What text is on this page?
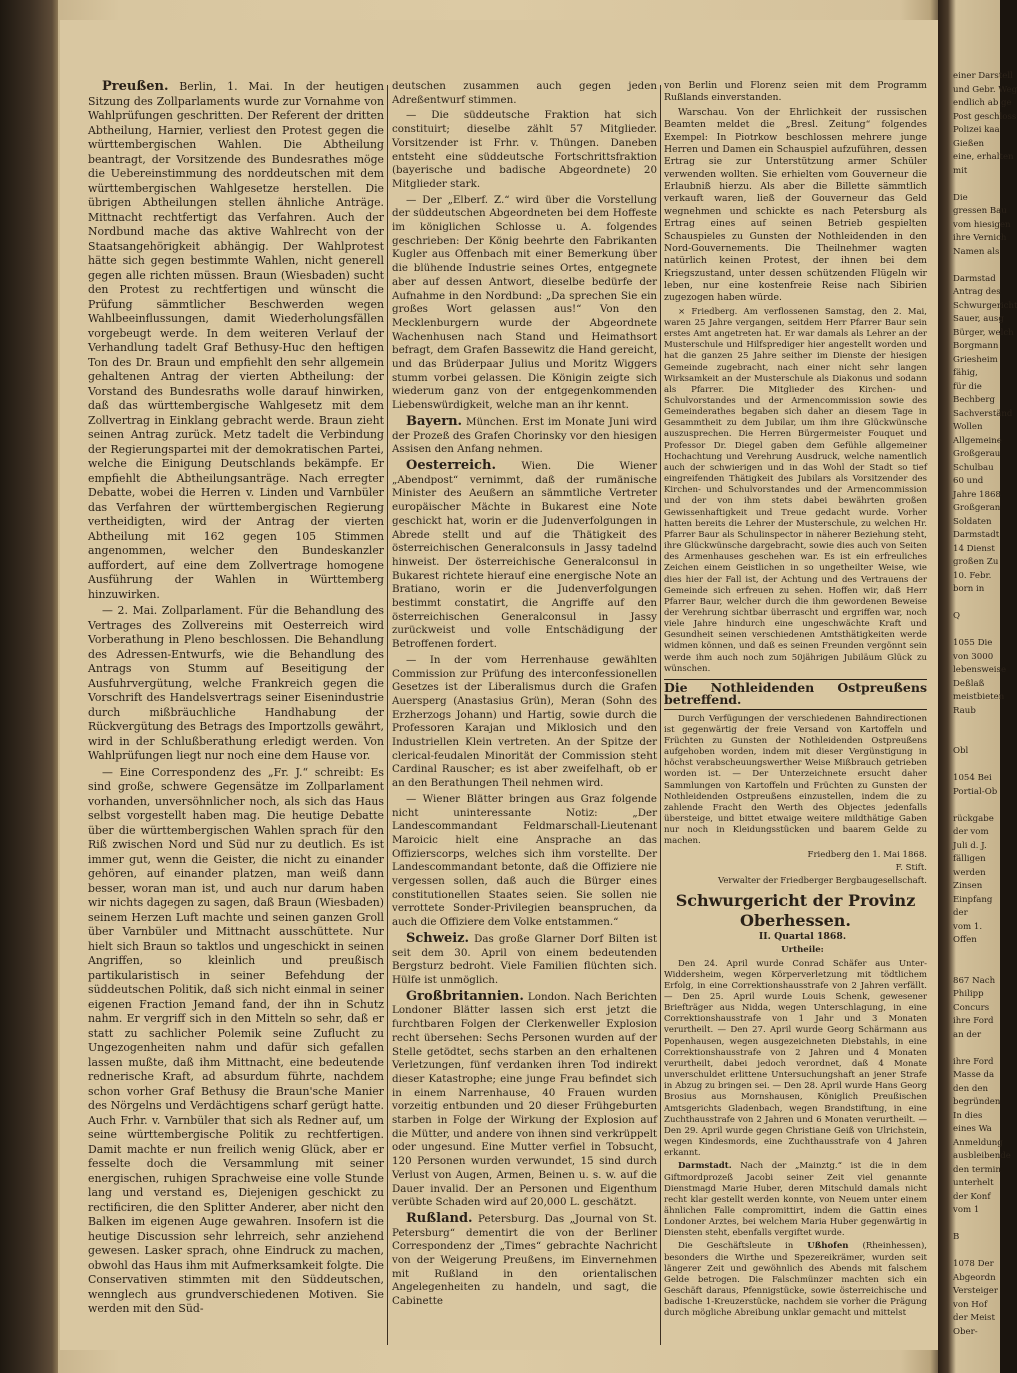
Preußen. Berlin, 1. Mai. In der heutigen Sitzung des Zollparlaments wurde zur Vornahme von Wahlprüfungen geschritten. Der Referent der dritten Abtheilung, Harnier, verliest den Protest gegen die württembergischen Wahlen. Die Abtheilung beantragt, der Vorsitzende des Bundesrathes möge die Uebereinstimmung des norddeutschen mit dem württembergischen Wahlgesetze herstellen. Die übrigen Abtheilungen stellen ähnliche Anträge. Mittnacht rechtfertigt das Verfahren. Auch der Nordbund mache das aktive Wahlrecht von der Staatsangehörigkeit abhängig. Der Wahlprotest hätte sich gegen bestimmte Wahlen, nicht generell gegen alle richten müssen. Braun (Wiesbaden) sucht den Protest zu rechtfertigen und wünscht die Prüfung sämmtlicher Beschwerden wegen Wahlbeeinflussungen, damit Wiederholungsfällen vorgebeugt werde. In dem weiteren Verlauf der Verhandlung tadelt Graf Bethusy-Huc den heftigen Ton des Dr. Braun und empfiehlt den sehr allgemein gehaltenen Antrag der vierten Abtheilung: der Vorstand des Bundesraths wolle darauf hinwirken, daß das württembergische Wahlgesetz mit dem Zollvertrag in Einklang gebracht werde. Braun zieht seinen Antrag zurück. Metz tadelt die Verbindung der Regierungspartei mit der demokratischen Partei, welche die Einigung Deutschlands bekämpfe. Er empfiehlt die Abtheilungsanträge. Nach erregter Debatte, wobei die Herren v. Linden und Varnbüler das Verfahren der württembergischen Regierung vertheidigten, wird der Antrag der vierten Abtheilung mit 162 gegen 105 Stimmen angenommen, welcher den Bundeskanzler auffordert, auf eine dem Zollvertrage homogene Ausführung der Wahlen in Württemberg hinzuwirken.

— 2. Mai. Zollparlament. Für die Behandlung des Vertrages des Zollvereins mit Oesterreich wird Vorberathung in Pleno beschlossen. Die Behandlung des Adressen-Entwurfs, wie die Behandlung des Antrags von Stumm auf Beseitigung der Ausfuhrvergütung, welche Frankreich gegen die Vorschrift des Handelsvertrags seiner Eisenindustrie durch mißbräuchliche Handhabung der Rückvergütung des Betrags des Importzolls gewährt, wird in der Schlußberathung erledigt werden. Von Wahlprüfungen liegt nur noch eine dem Hause vor.

— Eine Correspondenz des „Fr. J.“ schreibt: Es sind große, schwere Gegensätze im Zollparlament vorhanden, unversöhnlicher noch, als sich das Haus selbst vorgestellt haben mag. Die heutige Debatte über die württembergischen Wahlen sprach für den Riß zwischen Nord und Süd nur zu deutlich. Es ist immer gut, wenn die Geister, die nicht zu einander gehören, auf einander platzen, man weiß dann besser, woran man ist, und auch nur darum haben wir nichts dagegen zu sagen, daß Braun (Wiesbaden) seinem Herzen Luft machte und seinen ganzen Groll über Varnbüler und Mittnacht ausschüttete. Nur hielt sich Braun so taktlos und ungeschickt in seinen Angriffen, so kleinlich und preußisch partikularistisch in seiner Befehdung der süddeutschen Politik, daß sich nicht einmal in seiner eigenen Fraction Jemand fand, der ihn in Schutz nahm. Er vergriff sich in den Mitteln so sehr, daß er statt zu sachlicher Polemik seine Zuflucht zu Ungezogenheiten nahm und dafür sich gefallen lassen mußte, daß ihm Mittnacht, eine bedeutende rednerische Kraft, ad absurdum führte, nachdem schon vorher Graf Bethusy die Braun'sche Manier des Nörgelns und Verdächtigens scharf gerügt hatte. Auch Frhr. v. Varnbüler that sich als Redner auf, um seine württembergische Politik zu rechtfertigen. Damit machte er nun freilich wenig Glück, aber er fesselte doch die Versammlung mit seiner energischen, ruhigen Sprachweise eine volle Stunde lang und verstand es, Diejenigen geschickt zu rectificiren, die den Splitter Anderer, aber nicht den Balken im eigenen Auge gewahren. Insofern ist die heutige Discussion sehr lehrreich, sehr anziehend gewesen. Lasker sprach, ohne Eindruck zu machen, obwohl das Haus ihm mit Aufmerksamkeit folgte. Die Conservativen stimmten mit den Süddeutschen, wennglech aus grundverschiedenen Motiven. Sie werden mit den Süd-

deutschen zusammen auch gegen jeden Adreßentwurf stimmen.

— Die süddeutsche Fraktion hat sich constituirt; dieselbe zählt 57 Mitglieder. Vorsitzender ist Frhr. v. Thüngen. Daneben entsteht eine süddeutsche Fortschrittsfraktion (bayerische und badische Abgeordnete) 20 Mitglieder stark.

— Der „Elberf. Z.“ wird über die Vorstellung der süddeutschen Abgeordneten bei dem Hoffeste im königlichen Schlosse u. A. folgendes geschrieben: Der König beehrte den Fabrikanten Kugler aus Offenbach mit einer Bemerkung über die blühende Industrie seines Ortes, entgegnete aber auf dessen Antwort, dieselbe bedürfe der Aufnahme in den Nordbund: „Da sprechen Sie ein großes Wort gelassen aus!“ Von den Mecklenburgern wurde der Abgeordnete Wachenhusen nach Stand und Heimathsort befragt, dem Grafen Bassewitz die Hand gereicht, und das Brüderpaar Julius und Moritz Wiggers stumm vorbei gelassen. Die Königin zeigte sich wiederum ganz von der entgegenkommenden Liebenswürdigkeit, welche man an ihr kennt.

Bayern. München. Erst im Monate Juni wird der Prozeß des Grafen Chorinsky vor den hiesigen Assisen den Anfang nehmen.

Oesterreich. Wien. Die Wiener „Abendpost“ vernimmt, daß der rumänische Minister des Aeußern an sämmtliche Vertreter europäischer Mächte in Bukarest eine Note geschickt hat, worin er die Judenverfolgungen in Abrede stellt und auf die Thätigkeit des österreichischen Generalconsuls in Jassy tadelnd hinweist. Der österreichische Generalconsul in Bukarest richtete hierauf eine energische Note an Bratiano, worin er die Judenverfolgungen bestimmt constatirt, die Angriffe auf den österreichischen Generalconsul in Jassy zurückweist und volle Entschädigung der Betroffenen fordert.

— In der vom Herrenhause gewählten Commission zur Prüfung des interconfessionellen Gesetzes ist der Liberalismus durch die Grafen Auersperg (Anastasius Grün), Meran (Sohn des Erzherzogs Johann) und Hartig, sowie durch die Professoren Karajan und Miklosich und den Industriellen Klein vertreten. An der Spitze der clerical-feudalen Minorität der Commission steht Cardinal Rauscher; es ist aber zweifelhaft, ob er an den Berathungen Theil nehmen wird.

— Wiener Blätter bringen aus Graz folgende nicht uninteressante Notiz: „Der Landescommandant Feldmarschall-Lieutenant Maroicic hielt eine Ansprache an das Offizierscorps, welches sich ihm vorstellte. Der Landescommandant betonte, daß die Offiziere nie vergessen sollen, daß auch die Bürger eines constitutionellen Staates seien. Sie sollen nie verrottete Sonder-Privilegien beanspruchen, da auch die Offiziere dem Volke entstammen.“

Schweiz. Das große Glarner Dorf Bilten ist seit dem 30. April von einem bedeutenden Bergsturz bedroht. Viele Familien flüchten sich. Hülfe ist unmöglich.

Großbritannien. London. Nach Berichten Londoner Blätter lassen sich erst jetzt die furchtbaren Folgen der Clerkenweller Explosion recht übersehen: Sechs Personen wurden auf der Stelle getödtet, sechs starben an den erhaltenen Verletzungen, fünf verdanken ihren Tod indirekt dieser Katastrophe; eine junge Frau befindet sich in einem Narrenhause, 40 Frauen wurden vorzeitig entbunden und 20 dieser Frühgeburten starben in Folge der Wirkung der Explosion auf die Mütter, und andere von ihnen sind verkrüppelt oder ungesund. Eine Mutter verfiel in Tobsucht, 120 Personen wurden verwundet, 15 sind durch Verlust von Augen, Armen, Beinen u. s. w. auf die Dauer invalid. Der an Personen und Eigenthum verübte Schaden wird auf 20,000 L. geschätzt.

Rußland. Petersburg. Das „Journal von St. Petersburg“ dementirt die von der Berliner Correspondenz der „Times“ gebrachte Nachricht von der Weigerung Preußens, im Einvernehmen mit Rußland in den orientalischen Angelegenheiten zu handeln, und sagt, die Cabinette

von Berlin und Florenz seien mit dem Programm Rußlands einverstanden.

Warschau. Von der Ehrlichkeit der russischen Beamten meldet die „Bresl. Zeitung“ folgendes Exempel: In Piotrkow beschlossen mehrere junge Herren und Damen ein Schauspiel aufzuführen, dessen Ertrag sie zur Unterstützung armer Schüler verwenden wollten. Sie erhielten vom Gouverneur die Erlaubniß hierzu. Als aber die Billette sämmtlich verkauft waren, ließ der Gouverneur das Geld wegnehmen und schickte es nach Petersburg als Ertrag eines auf seinen Betrieb gespielten Schauspieles zu Gunsten der Nothleidenden in den Nord-Gouvernements. Die Theilnehmer wagten natürlich keinen Protest, der ihnen bei dem Kriegszustand, unter dessen schützenden Flügeln wir leben, nur eine kostenfreie Reise nach Sibirien zugezogen haben würde.

× Friedberg. Am verflossenen Samstag, den 2. Mai, waren 25 Jahre vergangen, seitdem Herr Pfarrer Baur sein erstes Amt angetreten hat. Er war damals als Lehrer an der Musterschule und Hilfsprediger hier angestellt worden und hat die ganzen 25 Jahre seither im Dienste der hiesigen Gemeinde zugebracht, nach einer nicht sehr langen Wirksamkeit an der Musterschule als Diakonus und sodann als Pfarrer. Die Mitglieder des Kirchen- und Schulvorstandes und der Armencommission sowie des Gemeinderathes begaben sich daher an diesem Tage in Gesammtheit zu dem Jubilar, um ihm ihre Glückwünsche auszusprechen. Die Herren Bürgermeister Fouquet und Professor Dr. Diegel gaben dem Gefühle allgemeiner Hochachtung und Verehrung Ausdruck, welche namentlich auch der schwierigen und in das Wohl der Stadt so tief eingreifenden Thätigkeit des Jubilars als Vorsitzender des Kirchen- und Schulvorstandes und der Armencommission und der von ihm stets dabei bewährten großen Gewissenhaftigkeit und Treue gedacht wurde. Vorher hatten bereits die Lehrer der Musterschule, zu welchen Hr. Pfarrer Baur als Schulinspector in näherer Beziehung steht, ihre Glückwünsche dargebracht, sowie dies auch von Seiten des Armenhauses geschehen war. Es ist ein erfreuliches Zeichen einem Geistlichen in so ungetheilter Weise, wie dies hier der Fall ist, der Achtung und des Vertrauens der Gemeinde sich erfreuen zu sehen. Hoffen wir, daß Herr Pfarrer Baur, welcher durch die ihm gewordenen Beweise der Verehrung sichtbar überrascht und ergriffen war, noch viele Jahre hindurch eine ungeschwächte Kraft und Gesundheit seinen verschiedenen Amtsthätigkeiten werde widmen können, und daß es seinen Freunden vergönnt sein werde ihm auch noch zum 50jährigen Jubiläum Glück zu wünschen.

Die Nothleidenden Ostpreußens betreffend.

Durch Verfügungen der verschiedenen Bahndirectionen ist gegenwärtig der freie Versand von Kartoffeln und Früchten zu Gunsten der Nothleidenden Ostpreußens aufgehoben worden, indem mit dieser Vergünstigung in höchst verabscheuungswerther Weise Mißbrauch getrieben worden ist. — Der Unterzeichnete ersucht daher Sammlungen von Kartoffeln und Früchten zu Gunsten der Nothleidenden Ostpreußens einzustellen, indem die zu zahlende Fracht den Werth des Objectes jedenfalls übersteige, und bittet etwaige weitere mildthätige Gaben nur noch in Kleidungsstücken und baarem Gelde zu machen.

Friedberg den 1. Mai 1868.

F. Stift.

Verwalter der Friedberger Bergbaugesellschaft.

Schwurgericht der Provinz Oberhessen.

II. Quartal 1868.

Urtheile:

Den 24. April wurde Conrad Schäfer aus Unter-Widdersheim, wegen Körperverletzung mit tödtlichem Erfolg, in eine Correktionshausstrafe von 2 Jahren verfällt. — Den 25. April wurde Louis Schenk, gewesener Briefträger aus Nidda, wegen Unterschlagung, in eine Correktionshausstrafe von 1 Jahr und 3 Monaten verurtheilt. — Den 27. April wurde Georg Schärmann aus Popenhausen, wegen ausgezeichneten Diebstahls, in eine Correktionshausstrafe von 2 Jahren und 4 Monaten verurtheilt, dabei jedoch verordnet, daß 4 Monate unverschuldet erlittene Untersuchungshaft an jener Strafe in Abzug zu bringen sei. — Den 28. April wurde Hans Georg Brosius aus Mornshausen, Königlich Preußischen Amtsgerichts Gladenbach, wegen Brandstiftung, in eine Zuchthausstrafe von 2 Jahren und 6 Monaten verurtheilt. — Den 29. April wurde gegen Christiane Geiß von Ulrichstein, wegen Kindesmords, eine Zuchthausstrafe von 4 Jahren erkannt.

Darmstadt. Nach der „Mainztg.“ ist die in dem Giftmordprozeß Jacobi seiner Zeit viel genannte Dienstmagd Marie Huber, deren Mitschuld damals nicht recht klar gestellt werden konnte, von Neuem unter einem ähnlichen Falle compromittirt, indem die Gattin eines Londoner Arztes, bei welchem Maria Huber gegenwärtig in Diensten steht, ebenfalls vergiftet wurde.

Die Geschäftsleute in Ußhofen (Rheinhessen), besonders die Wirthe und Spezereikrämer, wurden seit längerer Zeit und gewöhnlich des Abends mit falschem Gelde betrogen. Die Falschmünzer machten sich ein Geschäft daraus, Pfennigstücke, sowie österreichische und badische 1-Kreuzerstücke, nachdem sie vorher die Prägung durch mögliche Abreibung unklar gemacht und mittelst

einer Darstell
und Gebr. Weg
endlich ab ge
Post geschloss
Polizei kaa
Gießen
eine, erhalten
mit
Die
gressen Bau
vom hiesigen
ihre Vernich
Namen als
Darmstad
Antrag des
Schwurgericht
Sauer, ausg
Bürger, welch
Borgmann
Griesheim
fähig,
für die
Bechberg
Sachverständ
Wollen
Allgemeine
Großgerau
Schulbau
60 und
Jahre 1868
Großgeran
Soldaten
Darmstadt
14 Dienst
großen Zu
10. Febr.
born in
Q
1055 Die
von 3000
lebensweise
Deßlaß
meistbieten
Raub
Obl
1054 Bei
Portial-Ob
rückgabe
der vom
Juli d. J.
fälligen
werden
Zinsen
Einpfang
der
vom 1.
Offen
867 Nach
Philipp
Concurs
ihre Ford
an der
ihre Ford
Masse da
den den
begründen
In dies
eines Wa
Anmeldung
ausbleibende
den termin
unterhelt
der Konf
vom 1
B
1078 Der
Abgeordn
Versteiger
von Hof
der Meist
Ober-
